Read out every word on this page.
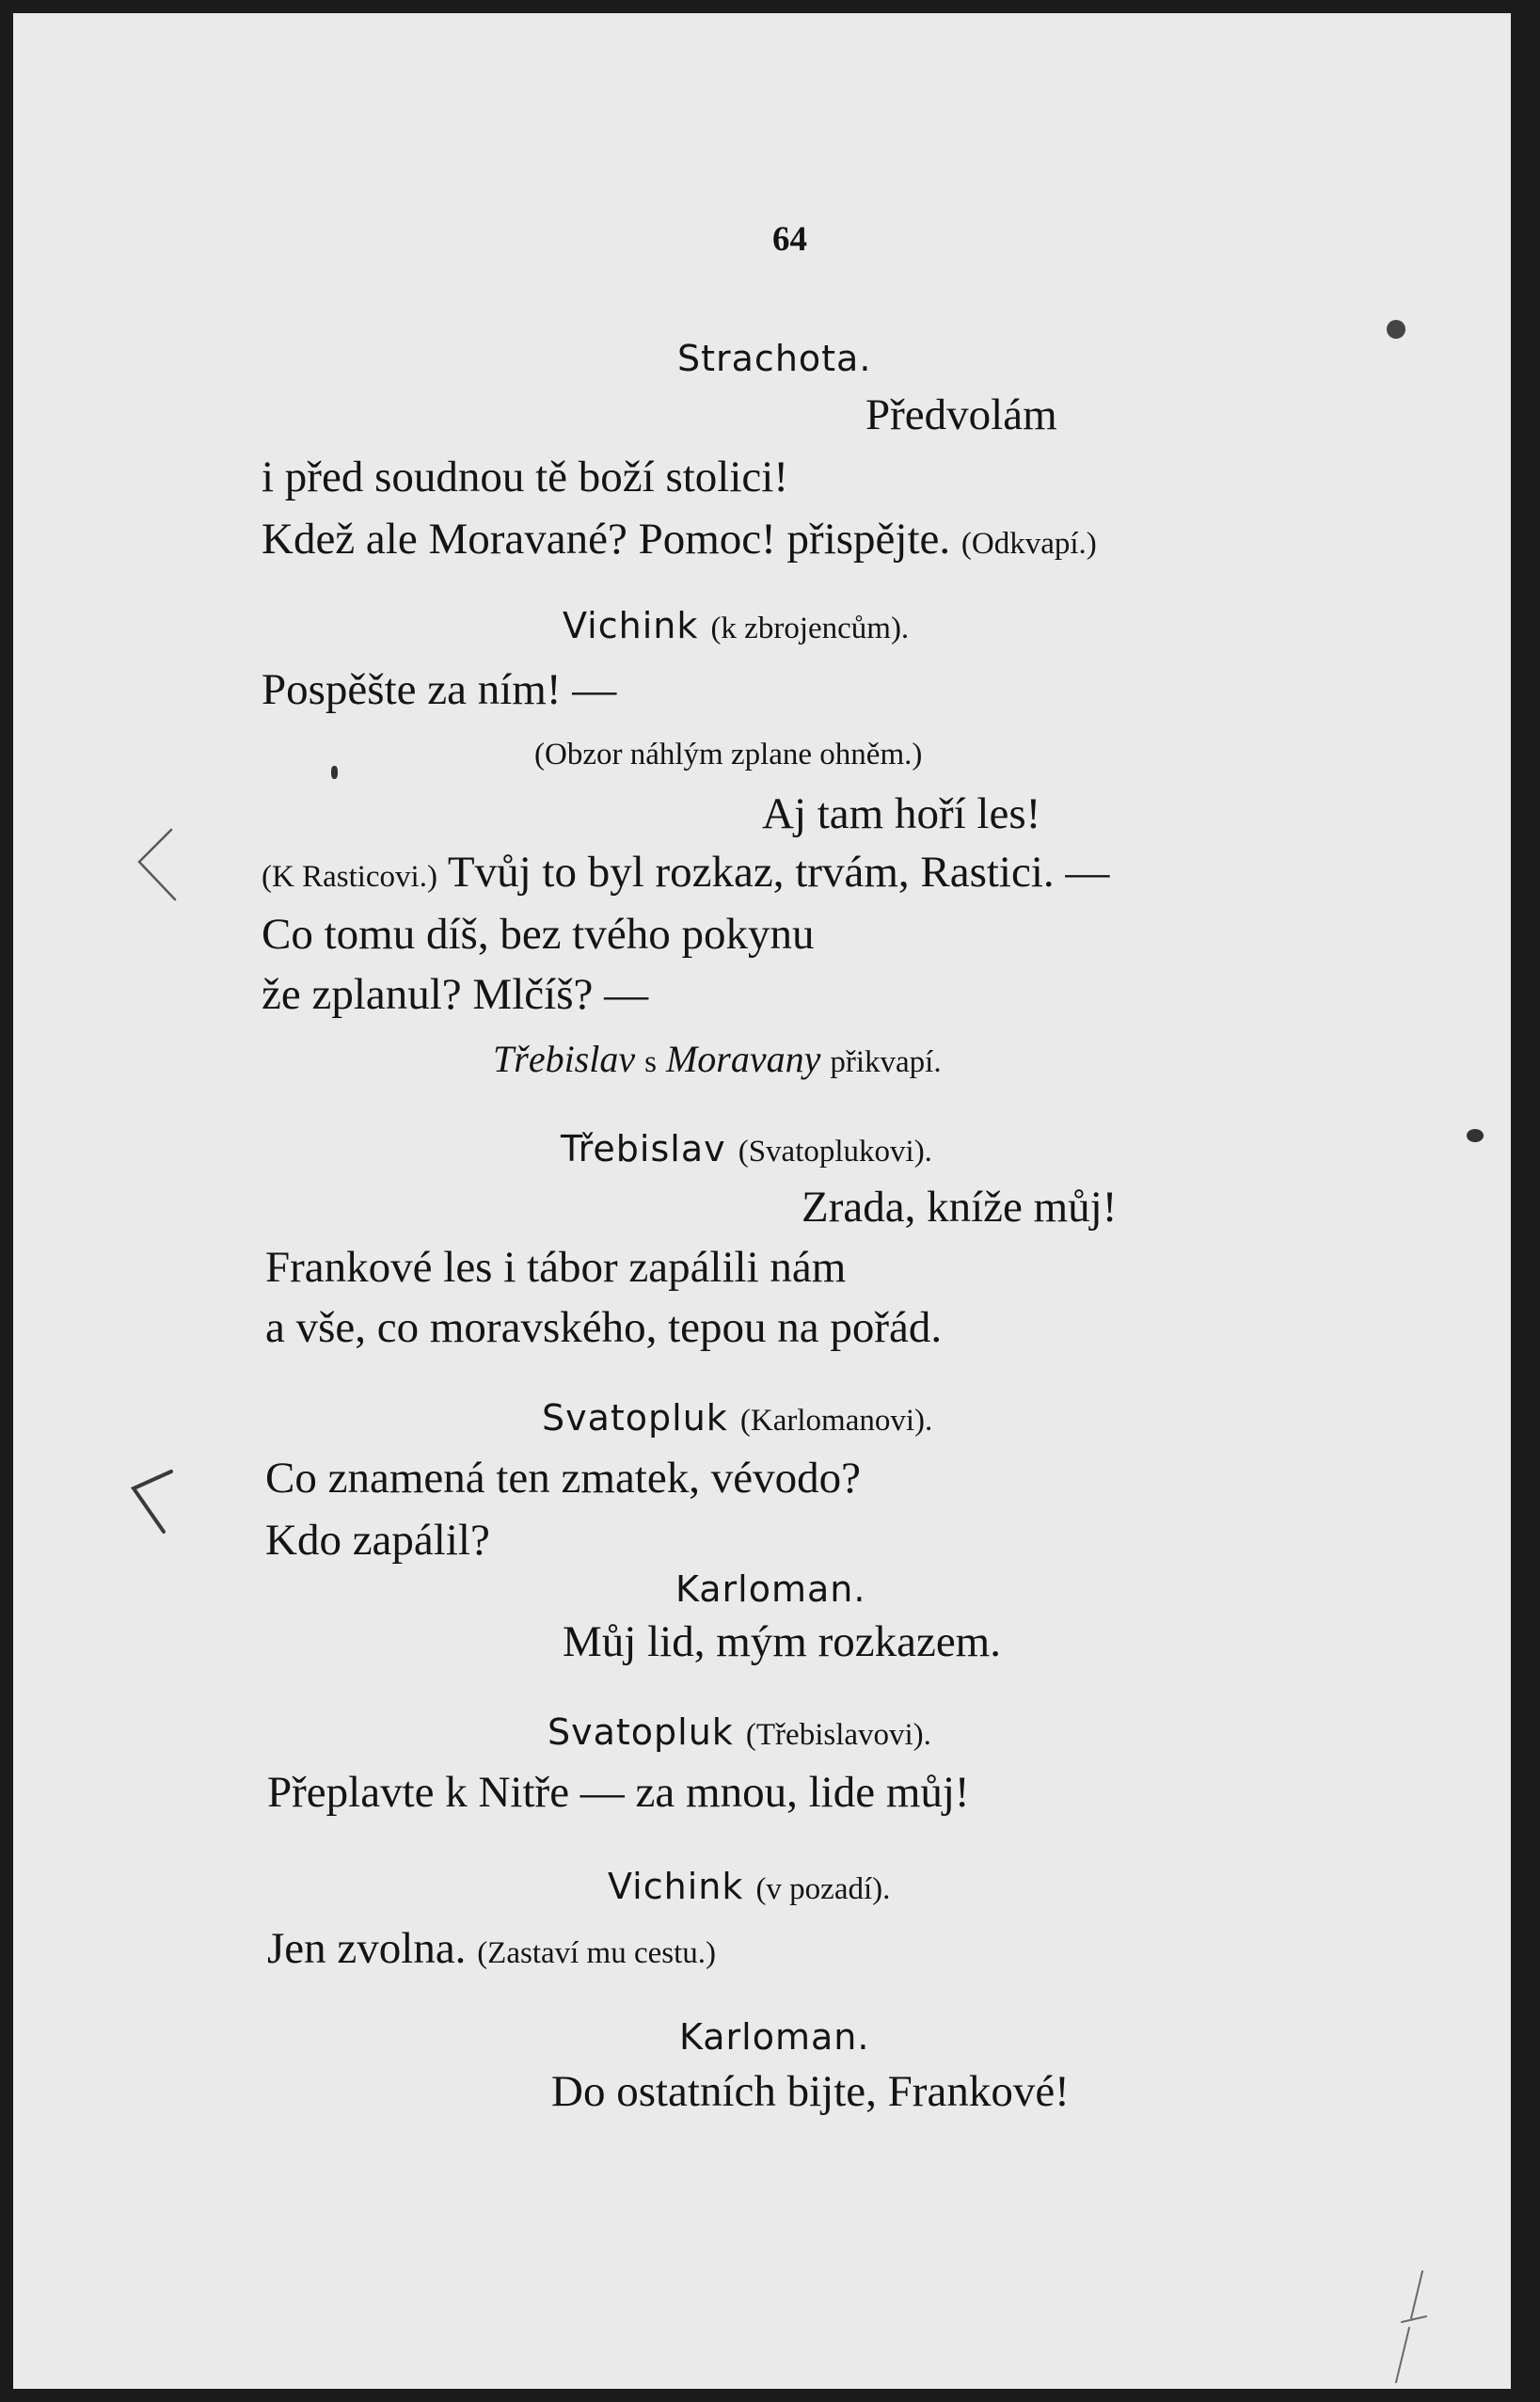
64
Strachota.
Předvolám
i před soudnou tě boží stolici!
Kdež ale Moravané? Pomoc! přispějte. (Odkvapí.)
Vichink (k zbrojencům).
Pospěšte za ním! —
(Obzor náhlým zplane ohněm.)
Aj tam hoří les!
(K Rasticovi.) Tvůj to byl rozkaz, trvám, Rastici. —
Co tomu díš, bez tvého pokynu
že zplanul? Mlčíš? —
Třebislav s Moravany přikvapí.
Třebislav (Svatoplukovi).
Zrada, kníže můj!
Frankové les i tábor zapálili nám
a vše, co moravského, tepou na pořád.
Svatopluk (Karlomanovi).
Co znamená ten zmatek, vévodo?
Kdo zapálil?
Karloman.
Můj lid, mým rozkazem.
Svatopluk (Třebislavovi).
Přeplavte k Nitře — za mnou, lide můj!
Vichink (v pozadí).
Jen zvolna. (Zastaví mu cestu.)
Karloman.
Do ostatních bijte, Frankové!
